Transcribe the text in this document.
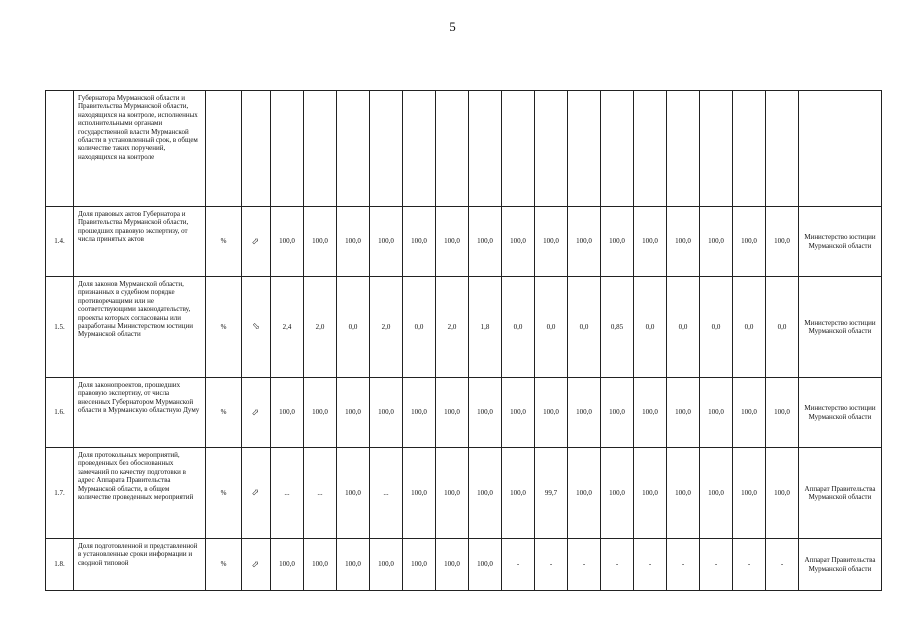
5
	Губернатора Мурманской области и Правительства Мурманской области, находящихся на контроле, исполненных исполнительными органами государственной власти Мурманской области в установленный срок, в общем количестве таких поручений, находящихся на контроле																			
1.4.	Доля правовых актов Губернатора и Правительства Мурманской области, прошедших правовую экспертизу, от числа принятых актов	%	⇨	100,0	100,0	100,0	100,0	100,0	100,0	100,0	100,0	100,0	100,0	100,0	100,0	100,0	100,0	100,0	100,0	Министерство юстиции Мурманской области
1.5.	Доля законов Мурманской области, признанных в судебном порядке противоречащими или не соответствующими законодательству, проекты которых согласованы или разработаны Министерством юстиции Мурманской области	%	⇨	2,4	2,0	0,0	2,0	0,0	2,0	1,8	0,0	0,0	0,0	0,85	0,0	0,0	0,0	0,0	0,0	Министерство юстиции Мурманской области
1.6.	Доля законопроектов, прошедших правовую экспертизу, от числа внесенных Губернатором Мурманской области в Мурманскую областную Думу	%	⇨	100,0	100,0	100,0	100,0	100,0	100,0	100,0	100,0	100,0	100,0	100,0	100,0	100,0	100,0	100,0	100,0	Министерство юстиции Мурманской области
1.7.	Доля протокольных мероприятий, проведенных без обоснованных замечаний по качеству подготовки в адрес Аппарата Правительства Мурманской области, в общем количестве проведенных мероприятий	%	⇨	...	...	100,0	...	100,0	100,0	100,0	100,0	99,7	100,0	100,0	100,0	100,0	100,0	100,0	100,0	Аппарат Правительства Мурманской области
1.8.	Доля подготовленной и представленной в установленные сроки информации и сводной типовой	%	⇨	100,0	100,0	100,0	100,0	100,0	100,0	100,0	-	-	-	-	-	-	-	-	-	Аппарат Правительства Мурманской области
